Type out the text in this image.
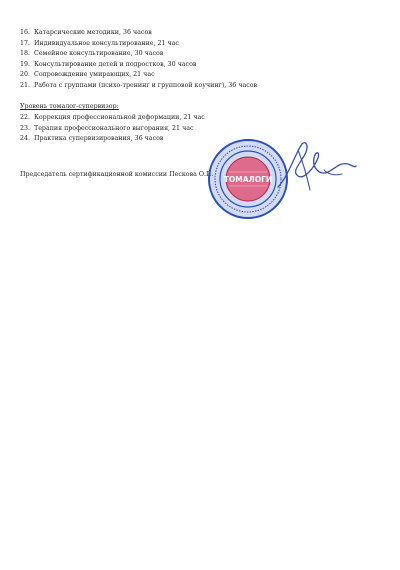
16. Катарсические методики, 36 часов
17. Индивидуальное консультирование, 21 час
18. Семейное консультирование, 30 часов
19. Консультирование детей и подростков, 30 часов
20. Сопровождение умирающих, 21 час
21. Работа с группами (психо-тренинг и групповой коучинг), 36 часов
Уровень томалог-супервизор:
22. Коррекция профессиональной деформации, 21 час
23. Терапия профессионального выгорания, 21 час
24. Практика супервизирования, 36 часов
Председатель сертификационной комиссии Пескова О.П.
ТОМАЛОГИ
